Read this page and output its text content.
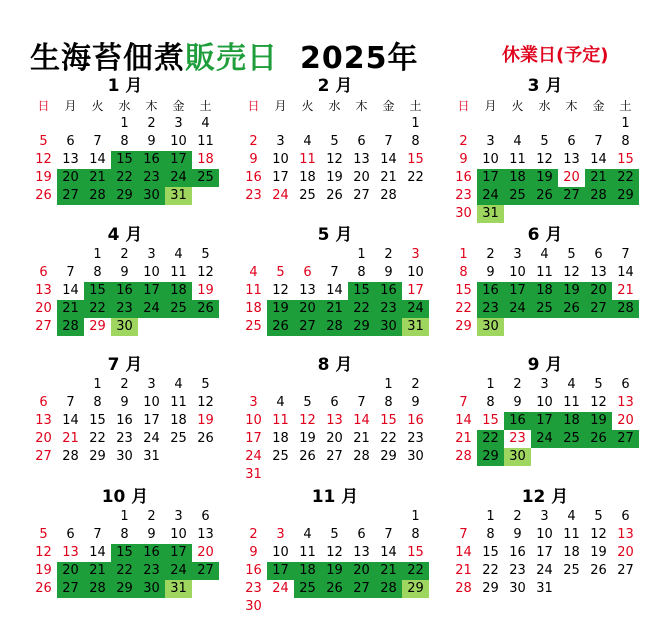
生海苔佃煮販売日 2025年	休業日(予定)
1 月
日	月	火	水	木	金	土
			1	2	3	4
5	6	7	8	9	10	11
12	13	14	15	16	17	18
19	20	21	22	23	24	25
26	27	28	29	30	31	
2 月
日	月	火	水	木	金	土
						1
2	3	4	5	6	7	8
9	10	11	12	13	14	15
16	17	18	19	20	21	22
23	24	25	26	27	28	
3 月
日	月	火	水	木	金	土
						1
2	3	4	5	6	7	8
9	10	11	12	13	14	15
16	17	18	19	20	21	22
23	24	25	26	27	28	29
30	31					
4 月
		1	2	3	4	5
6	7	8	9	10	11	12
13	14	15	16	17	18	19
20	21	22	23	24	25	26
27	28	29	30			
5 月
				1	2	3
4	5	6	7	8	9	10
11	12	13	14	15	16	17
18	19	20	21	22	23	24
25	26	27	28	29	30	31
6 月
1	2	3	4	5	6	7
8	9	10	11	12	13	14
15	16	17	18	19	20	21
22	23	24	25	26	27	28
29	30					
7 月
		1	2	3	4	5
6	7	8	9	10	11	12
13	14	15	16	17	18	19
20	21	22	23	24	25	26
27	28	29	30	31		
8 月
					1	2
3	4	5	6	7	8	9
10	11	12	13	14	15	16
17	18	19	20	21	22	23
24	25	26	27	28	29	30
31						
9 月
	1	2	3	4	5	6
7	8	9	10	11	12	13
14	15	16	17	18	19	20
21	22	23	24	25	26	27
28	29	30				
10 月
			1	2	3	6
5	6	7	8	9	10	13
12	13	14	15	16	17	20
19	20	21	22	23	24	27
26	27	28	29	30	31	
11 月
						1
2	3	4	5	6	7	8
9	10	11	12	13	14	15
16	17	18	19	20	21	22
23	24	25	26	27	28	29
30						
12 月
	1	2	3	4	5	6
7	8	9	10	11	12	13
14	15	16	17	18	19	20
21	22	23	24	25	26	27
28	29	30	31			
